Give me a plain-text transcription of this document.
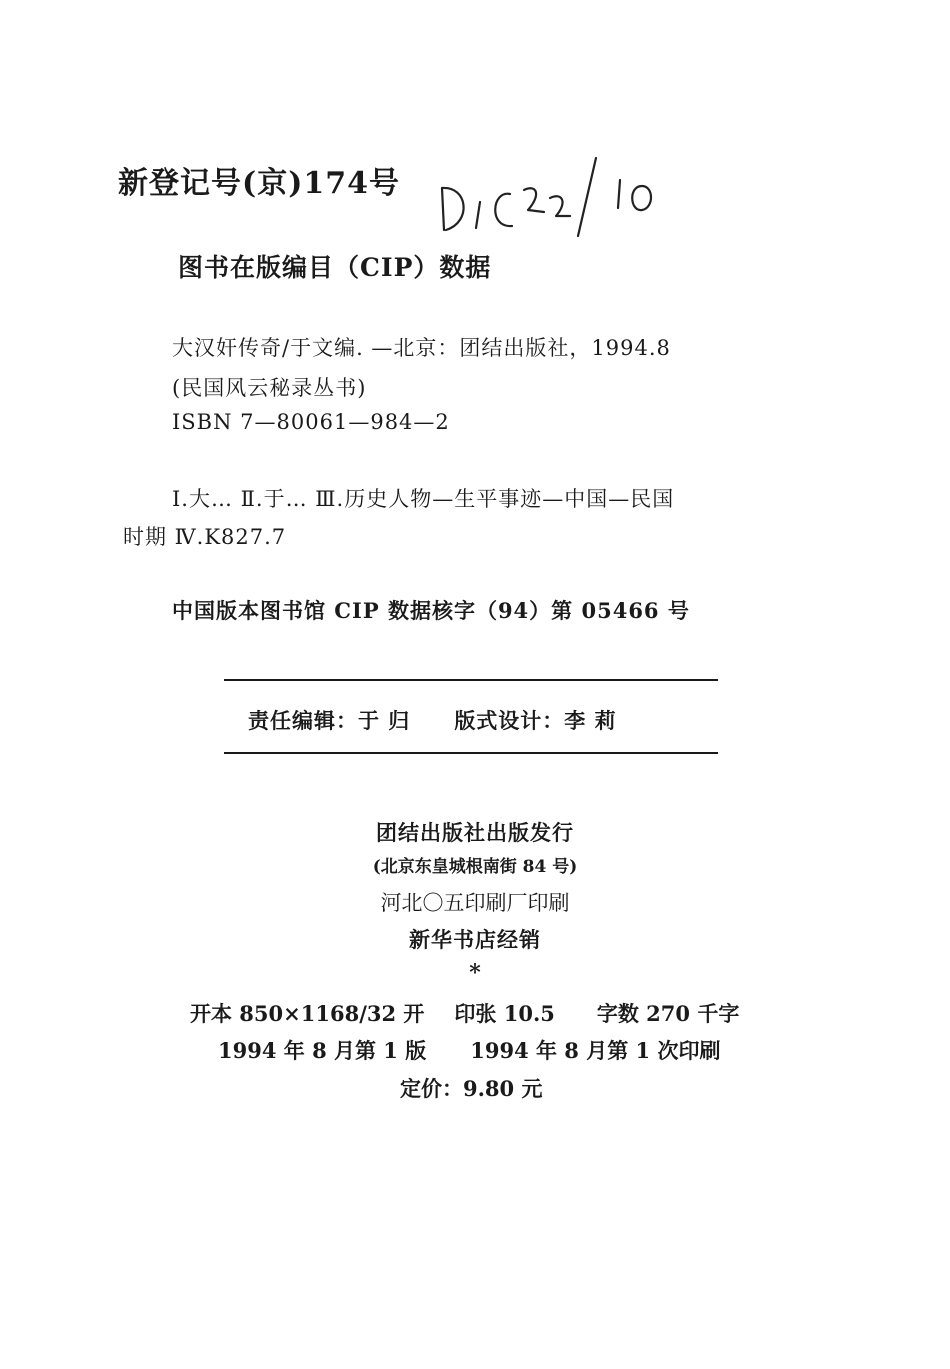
新登记号(京)174号
图书在版编目（CIP）数据
大汉奸传奇/于文编. —北京：团结出版社，1994.8
(民国风云秘录丛书)
ISBN 7—80061—984—2
Ⅰ.大… Ⅱ.于… Ⅲ.历史人物—生平事迹—中国—民国
时期 Ⅳ.K827.7
中国版本图书馆 CIP 数据核字（94）第 05466 号
责任编辑：于 归 版式设计：李 莉
团结出版社出版发行
(北京东皇城根南街 84 号)
河北〇五印刷厂印刷
新华书店经销
*
开本 850×1168/32 开 印张 10.5 字数 270 千字
1994 年 8 月第 1 版 1994 年 8 月第 1 次印刷
定价：9.80 元
